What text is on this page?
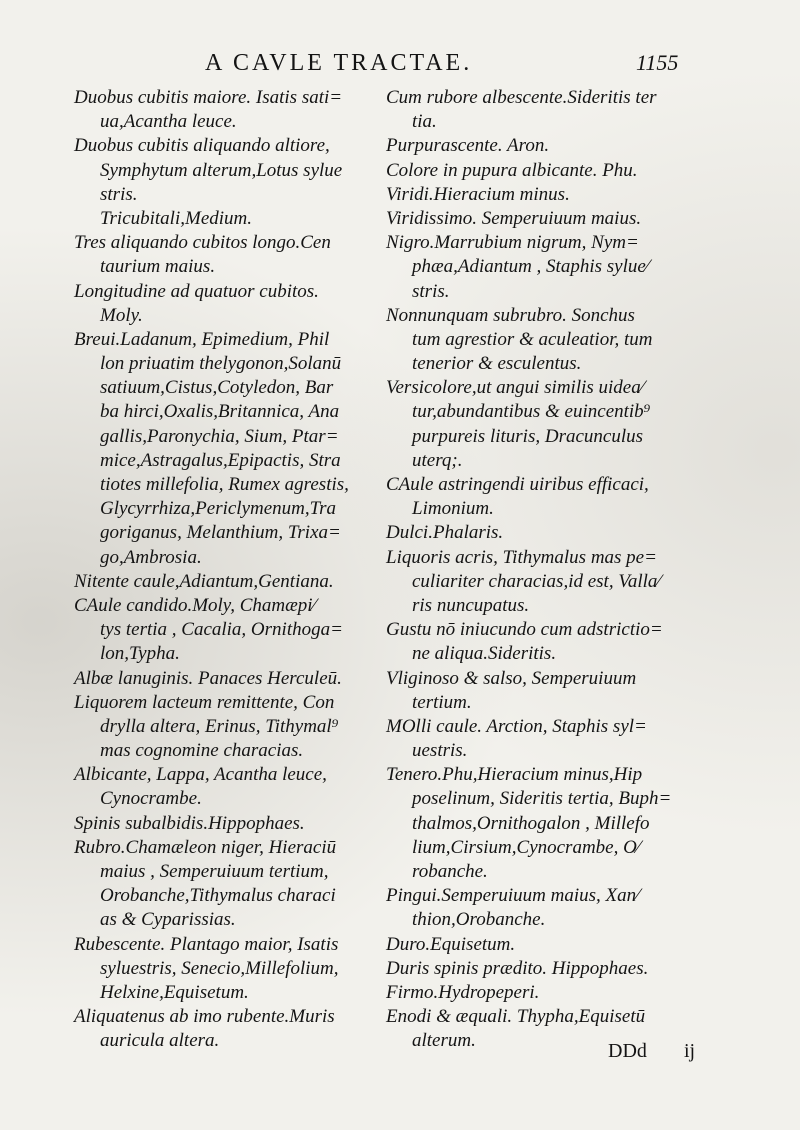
A CAVLE TRACTAE.	1155
Duobus cubitis maiore. Isatis sati=
ua,Acantha leuce.
Duobus cubitis aliquando altiore,
Symphytum alterum,Lotus sylue
stris.
Tricubitali,Medium.
Tres aliquando cubitos longo.Cen
taurium maius.
Longitudine ad quatuor cubitos.
Moly.
Breui.Ladanum, Epimedium, Phil
lon priuatim thelygonon,Solanū
satiuum,Cistus,Cotyledon, Bar
ba hirci,Oxalis,Britannica, Ana
gallis,Paronychia, Sium, Ptar=
mice,Astragalus,Epipactis, Stra
tiotes millefolia, Rumex agrestis,
Glycyrrhiza,Periclymenum,Tra
goriganus, Melanthium, Trixa=
go,Ambrosia.
Nitente caule,Adiantum,Gentiana.
CAule candido.Moly, Chamæpi⁄
tys tertia , Cacalia, Ornithoga=
lon,Typha.
Albæ lanuginis. Panaces Herculeū.
Liquorem lacteum remittente, Con
drylla altera, Erinus, Tithymal⁹
mas cognomine characias.
Albicante, Lappa, Acantha leuce,
Cynocrambe.
Spinis subalbidis.Hippophaes.
Rubro.Chamæleon niger, Hieraciū
maius , Semperuiuum tertium,
Orobanche,Tithymalus characi
as & Cyparissias.
Rubescente. Plantago maior, Isatis
syluestris, Senecio,Millefolium,
Helxine,Equisetum.
Aliquatenus ab imo rubente.Muris
auricula altera.
Cum rubore albescente.Sideritis ter
tia.
Purpurascente. Aron.
Colore in pupura albicante. Phu.
Viridi.Hieracium minus.
Viridissimo. Semperuiuum maius.
Nigro.Marrubium nigrum, Nym=
phæa,Adiantum , Staphis sylue⁄
stris.
Nonnunquam subrubro. Sonchus
tum agrestior & aculeatior, tum
tenerior & esculentus.
Versicolore,ut angui similis uidea⁄
tur,abundantibus & euincentib⁹
purpureis lituris, Dracunculus
uterq;.
CAule astringendi uiribus efficaci,
Limonium.
Dulci.Phalaris.
Liquoris acris, Tithymalus mas pe=
culiariter characias,id est, Valla⁄
ris nuncupatus.
Gustu nō iniucundo cum adstrictio=
ne aliqua.Sideritis.
Vliginoso & salso, Semperuiuum
tertium.
MOlli caule. Arction, Staphis syl=
uestris.
Tenero.Phu,Hieracium minus,Hip
poselinum, Sideritis tertia, Buph=
thalmos,Ornithogalon , Millefo
lium,Cirsium,Cynocrambe, O⁄
robanche.
Pingui.Semperuiuum maius, Xan⁄
thion,Orobanche.
Duro.Equisetum.
Duris spinis prædito. Hippophaes.
Firmo.Hydropeperi.
Enodi & æquali. Thypha,Equisetū
alterum.	DDd ij
